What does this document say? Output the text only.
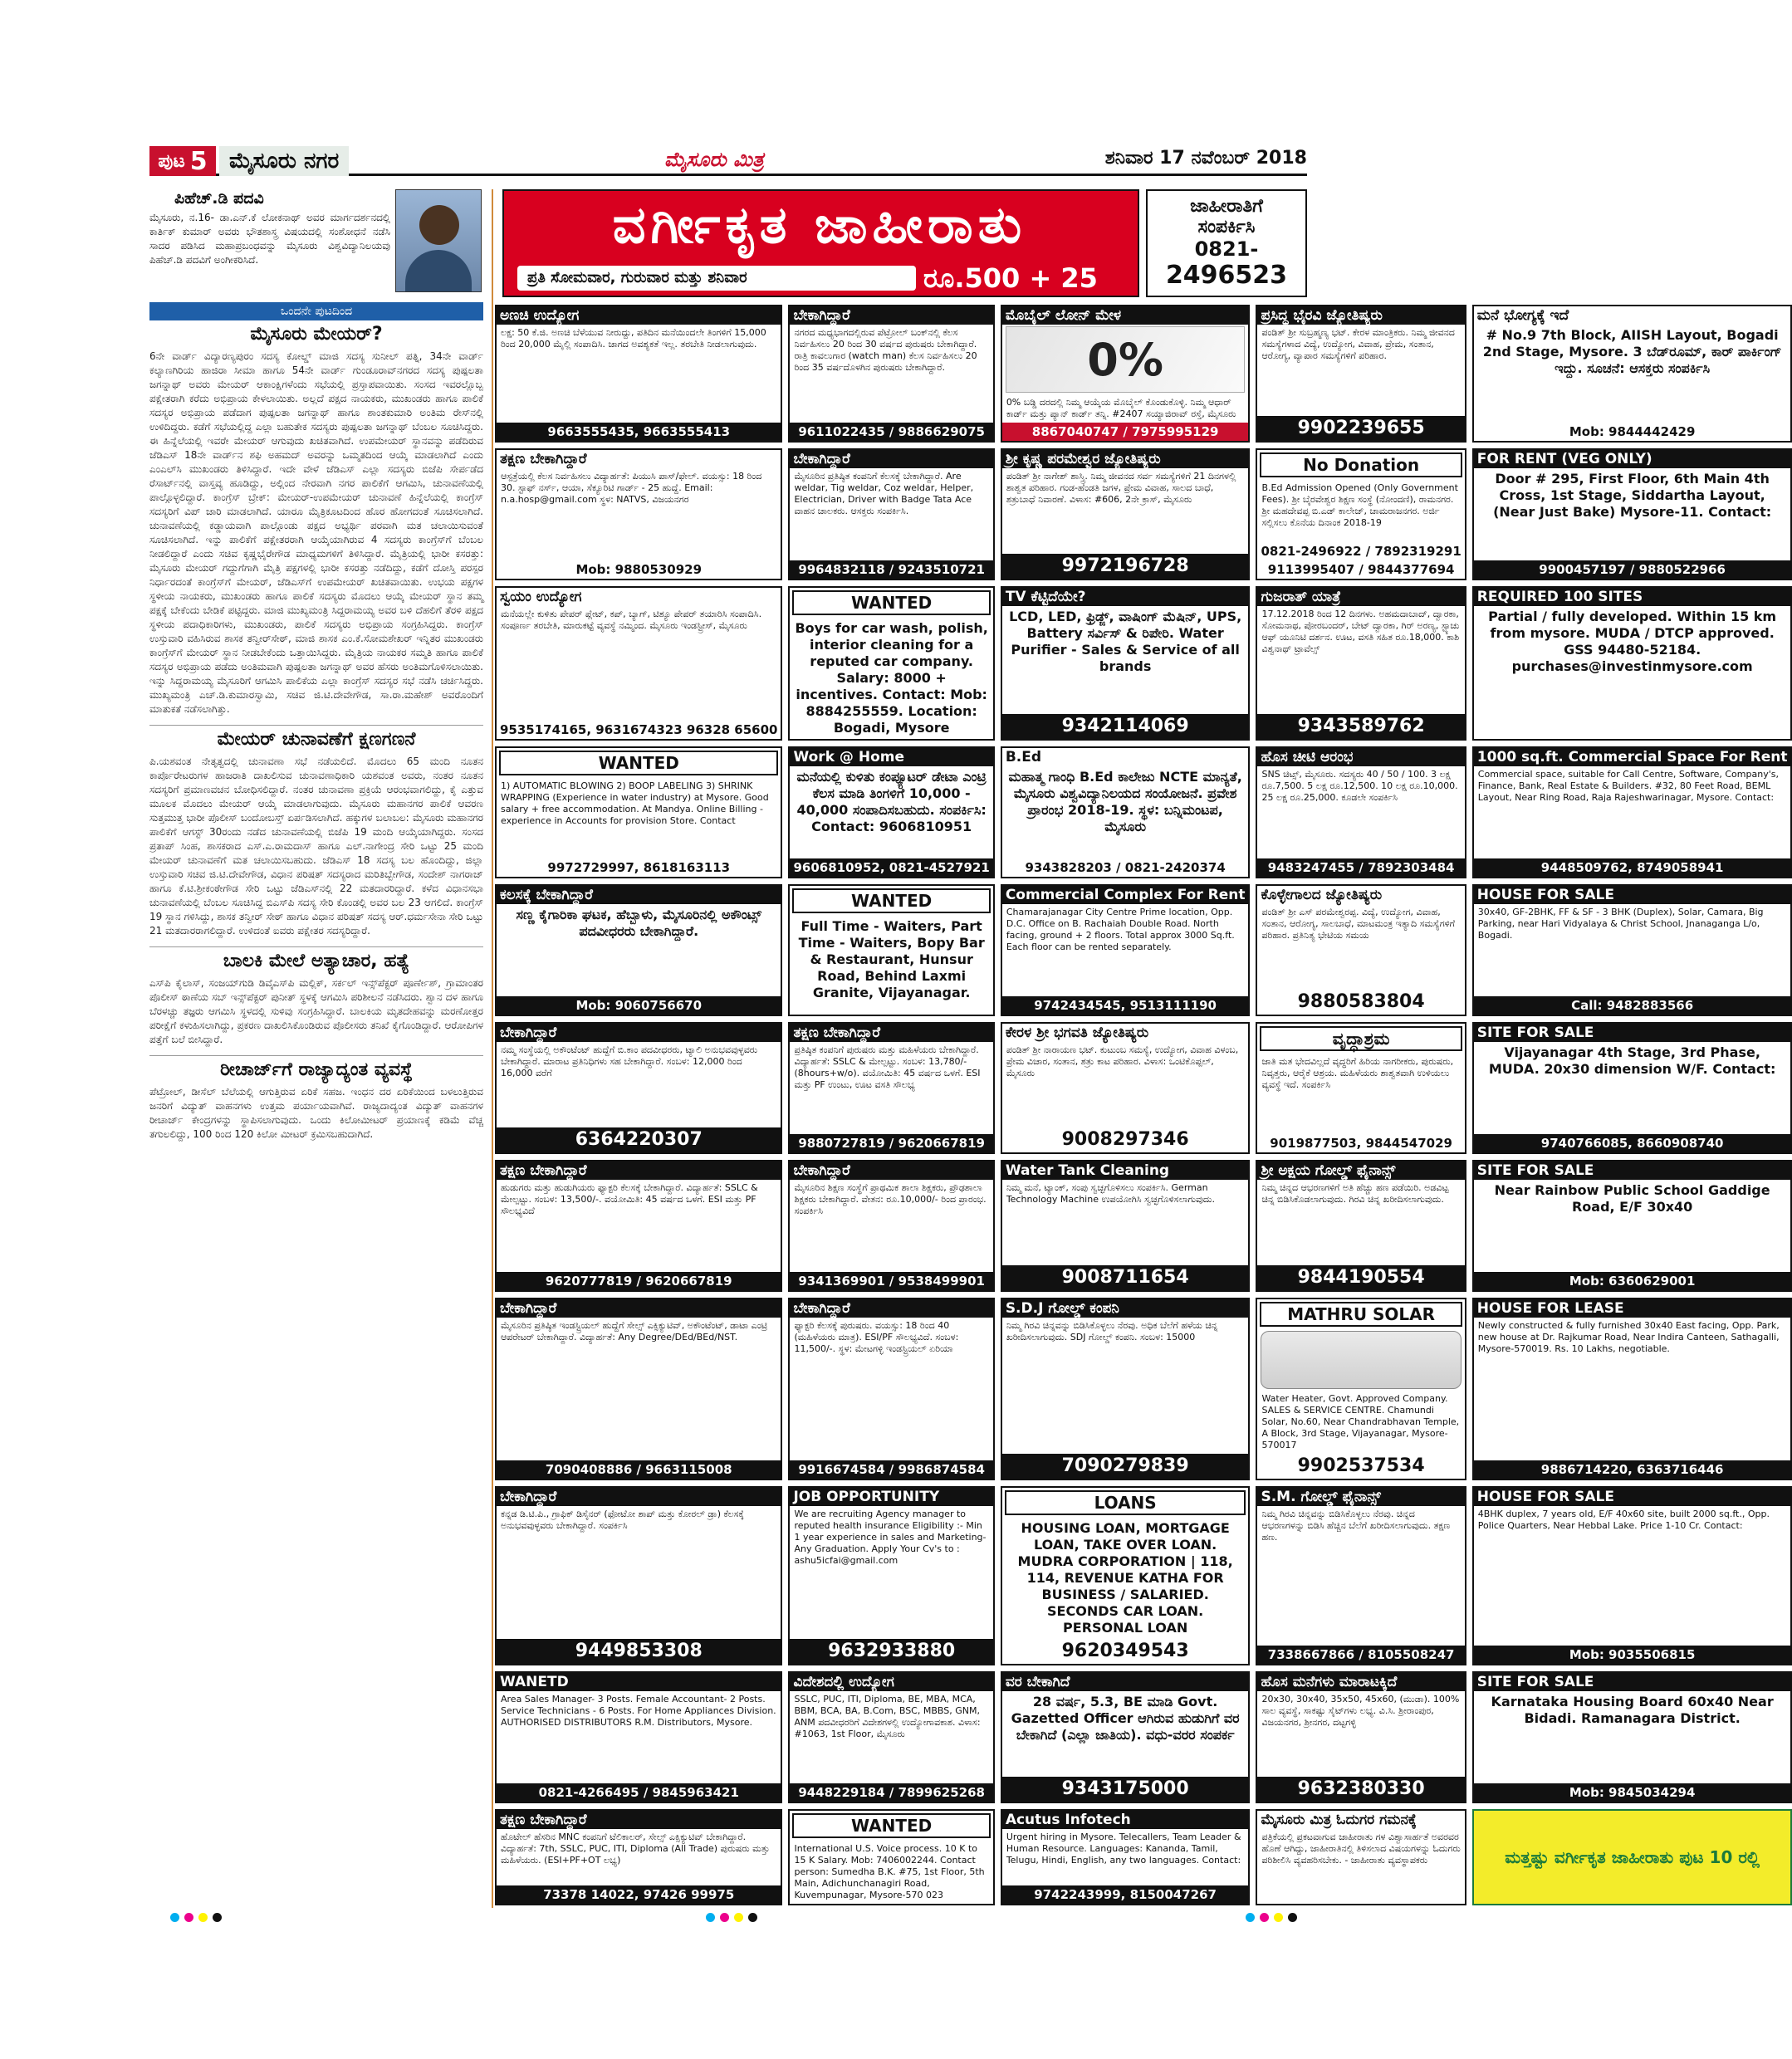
ಪುಟ 5	ಮೈಸೂರು ನಗರ	ಮೈಸೂರು ಮಿತ್ರ	ಶನಿವಾರ 17 ನವೆಂಬರ್ 2018
ಪಿಹೆಚ್.ಡಿ ಪದವಿ
ಮೈಸೂರು, ನ.16- ಡಾ.ಎನ್.ಕೆ ಲೋಕನಾಥ್ ಅವರ ಮಾರ್ಗದರ್ಶನದಲ್ಲಿ ಕಾರ್ತಿಕ್ ಕುಮಾರ್ ಅವರು ಭೌತಶಾಸ್ತ್ರ ವಿಷಯದಲ್ಲಿ ಸಂಶೋಧನೆ ನಡೆಸಿ ಸಾದರ ಪಡಿಸಿದ ಮಹಾಪ್ರಬಂಧವನ್ನು ಮೈಸೂರು ವಿಶ್ವವಿದ್ಯಾನಿಲಯವು ಪಿಹೆಚ್.ಡಿ ಪದವಿಗೆ ಅಂಗೀಕರಿಸಿದೆ.
ಒಂದನೇ ಪುಟದಿಂದ
ಮೈಸೂರು ಮೇಯರ್?
6ನೇ ವಾರ್ಡ್ ವಿದ್ಯಾರಣ್ಯಪುರಂ ಸದಸ್ಯ ಕೋಲ್ಡ್ ಮಾಜಿ ಸದಸ್ಯ ಸುನೀಲ್ ಪತ್ನಿ, 34ನೇ ವಾರ್ಡ್ ಕಲ್ಯಾಣಗಿರಿಯ ಹಾಜಿರಾ ಸೀಮಾ ಹಾಗೂ 54ನೇ ವಾರ್ಡ್ ಗುಂಡೂರಾವ್‌ನಗರದ ಸದಸ್ಯ ಪುಷ್ಪಲತಾ ಜಗನ್ನಾಥ್ ಅವರು ಮೇಯರ್ ಆಕಾಂಕ್ಷಿಗಳೆಂದು ಸಭೆಯಲ್ಲಿ ಪ್ರಸ್ತಾಪವಾಯಿತು. ಸಂಸದ ಇವರಲ್ಲೊಬ್ಬ ಪಕ್ಷೇತರಾಗಿ ಕರೆದು ಅಭಿಪ್ರಾಯ ಕೇಳಲಾಯಿತು. ಅಲ್ಲದೆ ಪಕ್ಷದ ನಾಯಕರು, ಮುಖಂಡರು ಹಾಗೂ ಪಾಲಿಕೆ ಸದಸ್ಯರ ಅಭಿಪ್ರಾಯ ಪಡೆದಾಗ ಪುಷ್ಪಲತಾ ಜಗನ್ನಾಥ್ ಹಾಗೂ ಶಾಂತಕುಮಾರಿ ಅಂತಿಮ ರೇಸ್‌ನಲ್ಲಿ ಉಳಿದಿದ್ದರು. ಕಡೆಗೆ ಸಭೆಯಲ್ಲಿದ್ದ ಎಲ್ಲಾ ಬಹುತೇಕ ಸದಸ್ಯರು ಪುಷ್ಪಲತಾ ಜಗನ್ನಾಥ್ ಬೆಂಬಲ ಸೂಚಿಸಿದ್ದರು. ಈ ಹಿನ್ನೆಲೆಯಲ್ಲಿ ಇವರೇ ಮೇಯರ್ ಆಗುವುದು ಖಚಿತವಾಗಿದೆ. ಉಪಮೇಯರ್ ಸ್ಥಾನವನ್ನು ಪಡೆದಿರುವ ಜೆಡಿಎಸ್ 18ನೇ ವಾರ್ಡ್‌ನ ಶಫಿ ಅಹಮದ್ ಅವರನ್ನು ಒಮ್ಮತದಿಂದ ಆಯ್ಕೆ ಮಾಡಲಾಗಿದೆ ಎಂದು ಎಂಎಲ್‌ಸಿ ಮುಖಂಡರು ತಿಳಿಸಿದ್ದಾರೆ. ಇದೇ ವೇಳೆ ಜೆಡಿಎಸ್ ಎಲ್ಲಾ ಸದಸ್ಯರು ಬಿಜೆಪಿ ಸೇರ್ಪಡೆದ ರೆಸಾರ್ಟ್‌ನಲ್ಲಿ ವಾಸ್ತವ್ಯ ಹೂಡಿದ್ದು, ಅಲ್ಲಿಂದ ನೇರವಾಗಿ ನಗರ ಪಾಲಿಕೆಗೆ ಆಗಮಿಸಿ, ಚುನಾವಣೆಯಲ್ಲಿ ಪಾಲ್ಗೊಳ್ಳಲಿದ್ದಾರೆ. ಕಾಂಗ್ರೆಸ್ ಬ್ರೇಕ್: ಮೇಯರ್-ಉಪಮೇಯರ್ ಚುನಾವಣೆ ಹಿನ್ನೆಲೆಯಲ್ಲಿ ಕಾಂಗ್ರೆಸ್ ಸದಸ್ಯರಿಗೆ ವಿಪ್ ಜಾರಿ ಮಾಡಲಾಗಿದೆ. ಯಾರೂ ಮೈತ್ರಿಕೂಟದಿಂದ ಹೊರ ಹೋಗದಂತೆ ಸೂಚಿಸಲಾಗಿದೆ. ಚುನಾವಣೆಯಲ್ಲಿ ಕಡ್ಡಾಯವಾಗಿ ಪಾಲ್ಗೊಂಡು ಪಕ್ಷದ ಅಭ್ಯರ್ಥಿ ಪರವಾಗಿ ಮತ ಚಲಾಯಿಸುವಂತೆ ಸೂಚಿಸಲಾಗಿದೆ. ಇನ್ನು ಪಾಲಿಕೆಗೆ ಪಕ್ಷೇತರರಾಗಿ ಆಯ್ಕೆಯಾಗಿರುವ 4 ಸದಸ್ಯರು ಕಾಂಗ್ರೆಸ್‌ಗೆ ಬೆಂಬಲ ನೀಡಲಿದ್ದಾರೆ ಎಂದು ಸಚಿವ ಕೃಷ್ಣಭೈರೇಗೌಡ ಮಾಧ್ಯಮಗಳಿಗೆ ತಿಳಿಸಿದ್ದಾರೆ. ಮೈತ್ರಿಯಲ್ಲಿ ಭಾರೀ ಕಸರತ್ತು: ಮೈಸೂರು ಮೇಯರ್ ಗದ್ದುಗೆಗಾಗಿ ಮೈತ್ರಿ ಪಕ್ಷಗಳಲ್ಲಿ ಭಾರೀ ಕಸರತ್ತು ನಡೆದಿದ್ದು, ಕಡೆಗೆ ದೋಸ್ತಿ ಪರಸ್ಪರ ನಿರ್ಧಾರದಂತೆ ಕಾಂಗ್ರೆಸ್‌ಗೆ ಮೇಯರ್, ಜೆಡಿಎಸ್‌ಗೆ ಉಪಮೇಯರ್ ಖಚಿತವಾಯಿತು. ಉಭಯ ಪಕ್ಷಗಳ ಸ್ಥಳೀಯ ನಾಯಕರು, ಮುಖಂಡರು ಹಾಗೂ ಪಾಲಿಕೆ ಸದಸ್ಯರು ಮೊದಲು ಆಯ್ಕೆ ಮೇಯರ್ ಸ್ಥಾನ ತಮ್ಮ ಪಕ್ಷಕ್ಕೆ ಬೇಕೆಂದು ಬೇಡಿಕೆ ಪಟ್ಟಿದ್ದರು. ಮಾಜಿ ಮುಖ್ಯಮಂತ್ರಿ ಸಿದ್ದರಾಮಯ್ಯ ಅವರ ಬಳಿ ದೆಹಲಿಗೆ ತೆರಳಿ ಪಕ್ಷದ ಸ್ಥಳೀಯ ಪದಾಧಿಕಾರಿಗಳು, ಮುಖಂಡರು, ಪಾಲಿಕೆ ಸದಸ್ಯರು ಅಭಿಪ್ರಾಯ ಸಂಗ್ರಹಿಸಿದ್ದರು. ಕಾಂಗ್ರೆಸ್ ಉಸ್ತುವಾರಿ ವಹಿಸಿರುವ ಶಾಸಕ ತನ್ವೀರ್‌ಸೇಠ್, ಮಾಜಿ ಶಾಸಕ ಎಂ.ಕೆ.ಸೋಮಶೇಖರ್ ಇನ್ನಿತರ ಮುಖಂಡರು ಕಾಂಗ್ರೆಸ್‌ಗೆ ಮೇಯರ್ ಸ್ಥಾನ ನೀಡಬೇಕೆಂದು ಒತ್ತಾಯಿಸಿದ್ದರು. ಮೈತ್ರಿಯ ನಾಯಕರ ಸಮ್ಮತಿ ಹಾಗೂ ಪಾಲಿಕೆ ಸದಸ್ಯರ ಅಭಿಪ್ರಾಯ ಪಡೆದು ಅಂತಿಮವಾಗಿ ಪುಷ್ಪಲತಾ ಜಗನ್ನಾಥ್ ಅವರ ಹೆಸರು ಅಂತಿಮಗೊಳಿಸಲಾಯಿತು. ಇನ್ನು ಸಿದ್ದರಾಮಯ್ಯ ಮೈಸೂರಿಗೆ ಆಗಮಿಸಿ ಪಾಲಿಕೆಯ ಎಲ್ಲಾ ಕಾಂಗ್ರೆಸ್ ಸದಸ್ಯರ ಸಭೆ ನಡೆಸಿ ಚರ್ಚಿಸಿದ್ದರು. ಮುಖ್ಯಮಂತ್ರಿ ಎಚ್.ಡಿ.ಕುಮಾರಸ್ವಾಮಿ, ಸಚಿವ ಜಿ.ಟಿ.ದೇವೇಗೌಡ, ಸಾ.ರಾ.ಮಹೇಶ್ ಅವರೊಂದಿಗೆ ಮಾತುಕತೆ ನಡೆಸಲಾಗಿತ್ತು.
ಮೇಯರ್ ಚುನಾವಣೆಗೆ ಕ್ಷಣಗಣನೆ
ಪಿ.ಯಶವಂತ ನೇತೃತ್ವದಲ್ಲಿ ಚುನಾವಣಾ ಸಭೆ ನಡೆಯಲಿದೆ. ಮೊದಲು 65 ಮಂದಿ ನೂತನ ಕಾರ್ಪೊರೇಟರುಗಳ ಹಾಜರಾತಿ ದಾಖಲಿಸುವ ಚುನಾವಣಾಧಿಕಾರಿ ಯಶವಂತ ಅವರು, ನಂತರ ನೂತನ ಸದಸ್ಯರಿಗೆ ಪ್ರಮಾಣವಚನ ಬೋಧಿಸಲಿದ್ದಾರೆ. ನಂತರ ಚುನಾವಣಾ ಪ್ರಕ್ರಿಯೆ ಆರಂಭವಾಗಲಿದ್ದು, ಕೈ ಎತ್ತುವ ಮೂಲಕ ಮೊದಲು ಮೇಯರ್ ಆಯ್ಕೆ ಮಾಡಲಾಗುವುದು. ಮೈಸೂರು ಮಹಾನಗರ ಪಾಲಿಕೆ ಆವರಣ ಸುತ್ತಮುತ್ತ ಭಾರೀ ಪೊಲೀಸ್ ಬಂದೋಬಸ್ತ್ ಏರ್ಪಡಿಸಲಾಗಿದೆ. ಹಕ್ಕುಗಳ ಬಲಾಬಲ: ಮೈಸೂರು ಮಹಾನಗರ ಪಾಲಿಕೆಗೆ ಆಗಸ್ಟ್ 30ರಂದು ನಡೆದ ಚುನಾವಣೆಯಲ್ಲಿ ಬಿಜೆಪಿ 19 ಮಂದಿ ಆಯ್ಕೆಯಾಗಿದ್ದರು. ಸಂಸದ ಪ್ರತಾಪ್ ಸಿಂಹ, ಶಾಸಕರಾದ ಎಸ್.ಎ.ರಾಮದಾಸ್ ಹಾಗೂ ಎಲ್.ನಾಗೇಂದ್ರ ಸೇರಿ ಒಟ್ಟು 25 ಮಂದಿ ಮೇಯರ್ ಚುನಾವಣೆಗೆ ಮತ ಚಲಾಯಿಸಬಹುದು. ಜೆಡಿಎಸ್ 18 ಸದಸ್ಯ ಬಲ ಹೊಂದಿದ್ದು, ಜಿಲ್ಲಾ ಉಸ್ತುವಾರಿ ಸಚಿವ ಜಿ.ಟಿ.ದೇವೇಗೌಡ, ವಿಧಾನ ಪರಿಷತ್ ಸದಸ್ಯರಾದ ಮರಿತಿಬ್ಬೇಗೌಡ, ಸಂದೇಶ್ ನಾಗರಾಜ್ ಹಾಗೂ ಕೆ.ಟಿ.ಶ್ರೀಕಂಠೇಗೌಡ ಸೇರಿ ಒಟ್ಟು ಜೆಡಿಎಸ್‌ನಲ್ಲಿ 22 ಮತದಾರರಿದ್ದಾರೆ. ಕಳೆದ ವಿಧಾನಸಭಾ ಚುನಾವಣೆಯಲ್ಲಿ ಬೆಂಬಲ ಸೂಚಿಸಿದ್ದ ಬಿಎಸ್‌ಪಿ ಸದಸ್ಯ ಸೇರಿ ಕೊಂಡಲ್ಲಿ ಅವರ ಬಲ 23 ಆಗಲಿದೆ. ಕಾಂಗ್ರೆಸ್ 19 ಸ್ಥಾನ ಗಳಿಸಿದ್ದು, ಶಾಸಕ ತನ್ವೀರ್ ಸೇಠ್ ಹಾಗೂ ವಿಧಾನ ಪರಿಷತ್ ಸದಸ್ಯ ಆರ್.ಧರ್ಮಸೇನಾ ಸೇರಿ ಒಟ್ಟು 21 ಮತದಾರರಾಗಲಿದ್ದಾರೆ. ಉಳಿದಂತೆ ಐವರು ಪಕ್ಷೇತರ ಸದಸ್ಯರಿದ್ದಾರೆ.
ಬಾಲಕಿ ಮೇಲೆ ಅತ್ಯಾಚಾರ, ಹತ್ಯೆ
ಎಸ್‌ಪಿ ಕೈಲಾಸ್, ಸಂಜಯ್‌ಗುಡಿ ಡಿವೈಎಸ್‌ಪಿ ಮಲ್ಲಿಕ್, ಸರ್ಕಲ್ ಇನ್ಸ್‌ಪೆಕ್ಟರ್ ಪೂರ್ಣೇಶ್, ಗ್ರಾಮಾಂತರ ಪೊಲೀಸ್ ಠಾಣೆಯ ಸಬ್ ಇನ್ಸ್‌ಪೆಕ್ಟರ್ ಪುನೀತ್ ಸ್ಥಳಕ್ಕೆ ಆಗಮಿಸಿ ಪರಿಶೀಲನೆ ನಡೆಸಿದರು. ಶ್ವಾನ ದಳ ಹಾಗೂ ಬೆರಳಚ್ಚು ತಜ್ಞರು ಆಗಮಿಸಿ ಸ್ಥಳದಲ್ಲಿ ಸುಳಿವು ಸಂಗ್ರಹಿಸಿದ್ದಾರೆ. ಬಾಲಕಿಯ ಮೃತದೇಹವನ್ನು ಮರಣೋತ್ತರ ಪರೀಕ್ಷೆಗೆ ಕಳುಹಿಸಲಾಗಿದ್ದು, ಪ್ರಕರಣ ದಾಖಲಿಸಿಕೊಂಡಿರುವ ಪೊಲೀಸರು ತನಿಖೆ ಕೈಗೊಂಡಿದ್ದಾರೆ. ಆರೋಪಿಗಳ ಪತ್ತೆಗೆ ಬಲೆ ಬೀಸಿದ್ದಾರೆ.
ರೀಚಾರ್ಜ್‌ಗೆ ರಾಜ್ಯಾದ್ಯಂತ ವ್ಯವಸ್ಥೆ
ಪೆಟ್ರೋಲ್, ಡೀಸೆಲ್ ಬೆಲೆಯಲ್ಲಿ ಆಗುತ್ತಿರುವ ಏರಿಕೆ ಸಹಜ. ಇಂಧನ ದರ ಏರಿಕೆಯಿಂದ ಬಳಲುತ್ತಿರುವ ಜನರಿಗೆ ವಿದ್ಯುತ್ ವಾಹನಗಳು ಉತ್ತಮ ಪರ್ಯಾಯವಾಗಿವೆ. ರಾಜ್ಯದಾದ್ಯಂತ ವಿದ್ಯುತ್ ವಾಹನಗಳ ರೀಚಾರ್ಜ್ ಕೇಂದ್ರಗಳನ್ನು ಸ್ಥಾಪಿಸಲಾಗುವುದು. ಒಂದು ಕಿಲೋಮೀಟರ್ ಪ್ರಯಾಣಕ್ಕೆ ಕಡಿಮೆ ವೆಚ್ಚ ತಗುಲಲಿದ್ದು, 100 ರಿಂದ 120 ಕಿಲೋ ಮೀಟರ್ ಕ್ರಮಿಸಬಹುದಾಗಿದೆ.
ವರ್ಗೀಕೃತ ಜಾಹೀರಾತು
ಪ್ರತಿ ಸೋಮವಾರ, ಗುರುವಾರ ಮತ್ತು ಶನಿವಾರ	ರೂ.500 + 25
ಜಾಹೀರಾತಿಗೆ
ಸಂಪರ್ಕಿಸಿ
0821-
2496523
ಅಣಚಿ ಉದ್ಯೋಗ
ಲಕ್ಷ: 50 ಕೆ.ಜಿ. ಅಣಚಿ ಬೆಳೆಯುವ ನೀರುದ್ದು, ಪತಿದಿನ ಮನೆಯಿಂದಲೇ ತಿಂಗಳಿಗೆ 15,000 ರಿಂದ 20,000 ಮೈಲ್ಲಿ ಸಂಪಾದಿಸಿ. ಜಾಗದ ಅವಶ್ಯಕತೆ ಇಲ್ಲ. ತರಬೇತಿ ನೀಡಲಾಗುವುದು.
9663555435, 9663555413
ಬೇಕಾಗಿದ್ದಾರೆ
ನಗರದ ಮಧ್ಯಭಾಗದಲ್ಲಿರುವ ಪೆಟ್ರೋಲ್ ಬಂಕ್‌ನಲ್ಲಿ ಕೆಲಸ ನಿರ್ವಹಿಸಲು 20 ರಿಂದ 30 ವರ್ಷದ ಪುರುಷರು ಬೇಕಾಗಿದ್ದಾರೆ. ರಾತ್ರಿ ಕಾವಲುಗಾರ (watch man) ಕೆಲಸ ನಿರ್ವಹಿಸಲು 20 ರಿಂದ 35 ವರ್ಷದೊಳಗಿನ ಪುರುಷರು ಬೇಕಾಗಿದ್ದಾರೆ.
9611022435 / 9886629075
ಮೊಬೈಲ್ ಲೋನ್ ಮೇಳ
0%
0% ಬಡ್ಡಿ ದರದಲ್ಲಿ ನಿಮ್ಮ ಆಯ್ಕೆಯ ಮೊಬೈಲ್ ಕೊಂಡುಕೊಳ್ಳಿ. ನಿಮ್ಮ ಆಧಾರ್ ಕಾರ್ಡ್ ಮತ್ತು ಪ್ಯಾನ್ ಕಾರ್ಡ್ ತನ್ನಿ. #2407 ಸಯ್ಯಾಜಿರಾವ್ ರಸ್ತೆ, ಮೈಸೂರು
8867040747 / 7975995129
ಪ್ರಸಿದ್ಧ ಭೈರವಿ ಜ್ಯೋತಿಷ್ಯರು
ಪಂಡಿತ್ ಶ್ರೀ ಸುಬ್ರಹ್ಮಣ್ಯ ಭಟ್. ಕೇರಳ ಮಾಂತ್ರಿಕರು. ನಿಮ್ಮ ಜೀವನದ ಸಮಸ್ಯೆಗಳಾದ ವಿದ್ಯೆ, ಉದ್ಯೋಗ, ವಿವಾಹ, ಪ್ರೇಮ, ಸಂತಾನ, ಆರೋಗ್ಯ, ವ್ಯಾಪಾರ ಸಮಸ್ಯೆಗಳಿಗೆ ಪರಿಹಾರ.
9902239655
ಮನೆ ಭೋಗ್ಯಕ್ಕೆ ಇದೆ
# No.9 7th Block, AIISH Layout, Bogadi 2nd Stage, Mysore. 3 ಬೆಡ್‌ರೂಮ್, ಕಾರ್ ಪಾರ್ಕಿಂಗ್ ಇದ್ದು. ಸೂಚನೆ: ಆಸಕ್ತರು ಸಂಪರ್ಕಿಸಿ
Mob: 9844442429
ತಕ್ಷಣ ಬೇಕಾಗಿದ್ದಾರೆ
ಆಸ್ಪತ್ರೆಯಲ್ಲಿ ಕೆಲಸ ನಿರ್ವಹಿಸಲು ವಿದ್ಯಾರ್ಹತೆ: ಪಿಯುಸಿ ಪಾಸ್/ಫೇಲ್. ವಯಸ್ಸು: 18 ರಿಂದ 30. ಸ್ಟಾಫ್ ನರ್ಸ್, ಆಯಾ, ಸೆಕ್ಯೂರಿಟಿ ಗಾರ್ಡ್ - 25 ಹುದ್ದೆ. Email: n.a.hosp@gmail.com ಸ್ಥಳ: NATVS, ವಿಜಯನಗರ
Mob: 9880530929
ಬೇಕಾಗಿದ್ದಾರೆ
ಮೈಸೂರಿನ ಪ್ರತಿಷ್ಠಿತ ಕಂಪನಿಗೆ ಕೆಲಸಕ್ಕೆ ಬೇಕಾಗಿದ್ದಾರೆ. Are weldar, Tig weldar, Coz weldar, Helper, Electrician, Driver with Badge Tata Ace ವಾಹನ ಚಾಲಕರು. ಆಸಕ್ತರು ಸಂಪರ್ಕಿಸಿ.
9964832118 / 9243510721
ಶ್ರೀ ಕೃಷ್ಣ ಪರಮೇಶ್ವರ ಜ್ಯೋತಿಷ್ಯರು
ಪಂಡಿತ್ ಶ್ರೀ ನಾಗೇಶ್ ಶಾಸ್ತ್ರಿ. ನಿಮ್ಮ ಜೀವನದ ಸರ್ವ ಸಮಸ್ಯೆಗಳಿಗೆ 21 ದಿನಗಳಲ್ಲಿ ಶಾಶ್ವತ ಪರಿಹಾರ. ಗಂಡ-ಹೆಂಡತಿ ಜಗಳ, ಪ್ರೇಮ ವಿವಾಹ, ಸಾಲದ ಬಾಧೆ, ಶತ್ರುಬಾಧೆ ನಿವಾರಣೆ. ವಿಳಾಸ: #606, 2ನೇ ಕ್ರಾಸ್, ಮೈಸೂರು
9972196728
No Donation
B.Ed Admission Opened (Only Government Fees). ಶ್ರೀ ಬೈರವೇಶ್ವರ ಶಿಕ್ಷಣ ಸಂಸ್ಥೆ (ನೋಂದಣಿ), ರಾಮನಗರ. ಶ್ರೀ ಮಹದೇವಪ್ಪ ಬಿ.ಎಡ್ ಕಾಲೇಜ್, ಚಾಮರಾಜನಗರ. ಅರ್ಜಿ ಸಲ್ಲಿಸಲು ಕೊನೆಯ ದಿನಾಂಕ 2018-19
0821-2496922 / 7892319291
9113995407 / 9844377694
FOR RENT (VEG ONLY)
Door # 295, First Floor, 6th Main 4th Cross, 1st Stage, Siddartha Layout, (Near Just Bake) Mysore-11. Contact:
9900457197 / 9880522966
ಸ್ವಯಂ ಉದ್ಯೋಗ
ಮನೆಯಲ್ಲೇ ಕುಳಿತು ಪೇಪರ್ ಪ್ಲೇಟ್, ಕಪ್, ಬ್ಯಾಗ್, ಟಿಶ್ಯೂ ಪೇಪರ್ ತಯಾರಿಸಿ ಸಂಪಾದಿಸಿ. ಸಂಪೂರ್ಣ ತರಬೇತಿ, ಮಾರುಕಟ್ಟೆ ವ್ಯವಸ್ಥೆ ನಮ್ಮಿಂದ. ಮೈಸೂರು ಇಂಡಸ್ಟ್ರೀಸ್, ಮೈಸೂರು
9535174165, 9631674323 96328 65600
WANTED
Boys for car wash, polish, interior cleaning for a reputed car company. Salary: 8000 + incentives. Contact: Mob: 8884255559. Location: Bogadi, Mysore
TV ಕೆಟ್ಟಿದೆಯೇ?
LCD, LED, ಫ್ರಿಡ್ಜ್, ವಾಷಿಂಗ್ ಮೆಷಿನ್, UPS, Battery ಸರ್ವಿಸ್ & ರಿಪೇರಿ. Water Purifier - Sales & Service of all brands
9342114069
ಗುಜರಾತ್ ಯಾತ್ರೆ
17.12.2018 ರಿಂದ 12 ದಿನಗಳು. ಅಹಮದಾಬಾದ್, ದ್ವಾರಕಾ, ಸೋಮನಾಥ, ಪೋರಬಂದರ್, ಬೇಟ್ ದ್ವಾರಕಾ, ಗಿರ್ ಅರಣ್ಯ, ಸ್ಟ್ಯಾಚು ಆಫ್ ಯೂನಿಟಿ ದರ್ಶನ. ಊಟ, ವಸತಿ ಸಹಿತ ರೂ.18,000. ಕಾಶಿ ವಿಶ್ವನಾಥ್ ಟ್ರಾವೆಲ್ಸ್
9343589762
REQUIRED 100 SITES
Partial / fully developed. Within 15 km from mysore. MUDA / DTCP approved. GSS 94480-52184. purchases@investinmysore.com
WANTED
1) AUTOMATIC BLOWING 2) BOOP LABELING 3) SHRINK WRAPPING (Experience in water industry) at Mysore. Good salary + free accommodation. At Mandya. Online Billing - experience in Accounts for provision Store. Contact
9972729997, 8618163113
Work @ Home
ಮನೆಯಲ್ಲಿ ಕುಳಿತು ಕಂಪ್ಯೂಟರ್ ಡೇಟಾ ಎಂಟ್ರಿ ಕೆಲಸ ಮಾಡಿ ತಿಂಗಳಿಗೆ 10,000 - 40,000 ಸಂಪಾದಿಸಬಹುದು. ಸಂಪರ್ಕಿಸಿ: Contact: 9606810951
9606810952, 0821-4527921
B.Ed
ಮಹಾತ್ಮ ಗಾಂಧಿ B.Ed ಕಾಲೇಜು NCTE ಮಾನ್ಯತೆ, ಮೈಸೂರು ವಿಶ್ವವಿದ್ಯಾನಿಲಯದ ಸಂಯೋಜನೆ. ಪ್ರವೇಶ ಪ್ರಾರಂಭ 2018-19. ಸ್ಥಳ: ಬನ್ನಿಮಂಟಪ, ಮೈಸೂರು
9343828203 / 0821-2420374
ಹೊಸ ಚೀಟಿ ಆರಂಭ
SNS ಚಿಟ್ಸ್, ಮೈಸೂರು. ಸದಸ್ಯರು 40 / 50 / 100. 3 ಲಕ್ಷ ರೂ.7,500. 5 ಲಕ್ಷ ರೂ.12,500. 10 ಲಕ್ಷ ರೂ.10,000. 25 ಲಕ್ಷ ರೂ.25,000. ಕೂಡಲೇ ಸಂಪರ್ಕಿಸಿ
9483247455 / 7892303484
1000 sq.ft. Commercial Space For Rent
Commercial space, suitable for Call Centre, Software, Company's, Finance, Bank, Real Estate & Builders. #32, 80 Feet Road, BEML Layout, Near Ring Road, Raja Rajeshwarinagar, Mysore. Contact:
9448509762, 8749058941
ಕಲಸಕ್ಕೆ ಬೇಕಾಗಿದ್ದಾರೆ
ಸಣ್ಣ ಕೈಗಾರಿಕಾ ಘಟಕ, ಹೆಬ್ಬಾಳು, ಮೈಸೂರಿನಲ್ಲಿ ಅಕೌಂಟ್ಸ್ ಪದವೀಧರರು ಬೇಕಾಗಿದ್ದಾರೆ.
Mob: 9060756670
WANTED
Full Time - Waiters, Part Time - Waiters, Bopy Bar & Restaurant, Hunsur Road, Behind Laxmi Granite, Vijayanagar.
Commercial Complex For Rent
Chamarajanagar City Centre Prime location, Opp. D.C. Office on B. Rachaiah Double Road. North facing, ground + 2 floors. Total approx 3000 Sq.ft. Each floor can be rented separately.
9742434545, 9513111190
ಕೊಳ್ಳೇಗಾಲದ ಜ್ಯೋತಿಷ್ಯರು
ಪಂಡಿತ್ ಶ್ರೀ ಎಸ್ ಪರಮೇಶ್ವರಪ್ಪ. ವಿದ್ಯೆ, ಉದ್ಯೋಗ, ವಿವಾಹ, ಸಂತಾನ, ಆರೋಗ್ಯ, ಸಾಲಬಾಧೆ, ಮಾಟಮಂತ್ರ ಇತ್ಯಾದಿ ಸಮಸ್ಯೆಗಳಿಗೆ ಪರಿಹಾರ. ಪ್ರತಿನಿತ್ಯ ಭೇಟಿಯ ಸಮಯ
9880583804
HOUSE FOR SALE
30x40, GF-2BHK, FF & SF - 3 BHK (Duplex), Solar, Camara, Big Parking, near Hari Vidyalaya & Christ School, Jnanaganga L/o, Bogadi.
Call: 9482883566
ಬೇಕಾಗಿದ್ದಾರೆ
ನಮ್ಮ ಸಂಸ್ಥೆಯಲ್ಲಿ ಅಕೌಂಟೆಂಟ್ ಹುದ್ದೆಗೆ ಬಿ.ಕಾಂ ಪದವೀಧರರು, ಟ್ಯಾಲಿ ಅನುಭವವುಳ್ಳವರು ಬೇಕಾಗಿದ್ದಾರೆ. ಮಾರಾಟ ಪ್ರತಿನಿಧಿಗಳು ಸಹ ಬೇಕಾಗಿದ್ದಾರೆ. ಸಂಬಳ: 12,000 ರಿಂದ 16,000 ವರೆಗೆ
6364220307
ತಕ್ಷಣ ಬೇಕಾಗಿದ್ದಾರೆ
ಪ್ರತಿಷ್ಠಿತ ಕಂಪನಿಗೆ ಪುರುಷರು ಮತ್ತು ಮಹಿಳೆಯರು ಬೇಕಾಗಿದ್ದಾರೆ. ವಿದ್ಯಾರ್ಹತೆ: SSLC & ಮೇಲ್ಪಟ್ಟು. ಸಂಬಳ: 13,780/- (8hours+w/o). ವಯೋಮಿತಿ: 45 ವರ್ಷದ ಒಳಗೆ. ESI ಮತ್ತು PF ಉಂಟು, ಊಟ ವಸತಿ ಸೌಲಭ್ಯ
9880727819 / 9620667819
ಕೇರಳ ಶ್ರೀ ಭಗವತಿ ಜ್ಯೋತಿಷ್ಯರು
ಪಂಡಿತ್ ಶ್ರೀ ನಾರಾಯಣ ಭಟ್. ಕುಟುಂಬ ಸಮಸ್ಯೆ, ಉದ್ಯೋಗ, ವಿವಾಹ ವಿಳಂಬ, ಪ್ರೇಮ ವಿಚಾರ, ಸಂತಾನ, ಶತ್ರು ಕಾಟ ಪರಿಹಾರ. ವಿಳಾಸ: ಒಂಟಿಕೊಪ್ಪಲ್, ಮೈಸೂರು
9008297346
ವೃದ್ಧಾಶ್ರಮ
ಜಾತಿ ಮತ ಭೇದವಿಲ್ಲದೆ ವೃದ್ಧರಿಗೆ ಹಿರಿಯ ನಾಗರೀಕರು, ಪುರುಷರು, ನಿವೃತ್ತರು, ಆರೈಕೆ ಆಶ್ರಯ. ಮಹಿಳೆಯರು ಶಾಶ್ವತವಾಗಿ ಉಳಿಯಲು ವ್ಯವಸ್ಥೆ ಇದೆ. ಸಂಪರ್ಕಿಸಿ
9019877503, 9844547029
SITE FOR SALE
Vijayanagar 4th Stage, 3rd Phase, MUDA. 20x30 dimension W/F. Contact:
9740766085, 8660908740
ತಕ್ಷಣ ಬೇಕಾಗಿದ್ದಾರೆ
ಹುಡುಗರು ಮತ್ತು ಹುಡುಗಿಯರು ಫ್ಯಾಕ್ಟರಿ ಕೆಲಸಕ್ಕೆ ಬೇಕಾಗಿದ್ದಾರೆ. ವಿದ್ಯಾರ್ಹತೆ: SSLC & ಮೇಲ್ಪಟ್ಟು. ಸಂಬಳ: 13,500/-. ವಯೋಮಿತಿ: 45 ವರ್ಷದ ಒಳಗೆ. ESI ಮತ್ತು PF ಸೌಲಭ್ಯವಿದೆ
9620777819 / 9620667819
ಬೇಕಾಗಿದ್ದಾರೆ
ಮೈಸೂರಿನ ಶಿಕ್ಷಣ ಸಂಸ್ಥೆಗೆ ಪ್ರಾಥಮಿಕ ಶಾಲಾ ಶಿಕ್ಷಕರು, ಪ್ರೌಢಶಾಲಾ ಶಿಕ್ಷಕರು ಬೇಕಾಗಿದ್ದಾರೆ. ವೇತನ: ರೂ.10,000/- ರಿಂದ ಪ್ರಾರಂಭ. ಸಂಪರ್ಕಿಸಿ
9341369901 / 9538499901
Water Tank Cleaning
ನಿಮ್ಮ ಮನೆ, ಟ್ಯಾಂಕ್, ಸಂಪು ಸ್ವಚ್ಛಗೊಳಿಸಲು ಸಂಪರ್ಕಿಸಿ. German Technology Machine ಉಪಯೋಗಿಸಿ ಸ್ವಚ್ಛಗೊಳಿಸಲಾಗುವುದು.
9008711654
ಶ್ರೀ ಅಕ್ಷಯ ಗೋಲ್ಡ್ ಫೈನಾನ್ಸ್
ನಿಮ್ಮ ಚಿನ್ನದ ಆಭರಣಗಳಿಗೆ ಅತಿ ಹೆಚ್ಚು ಹಣ ಪಡೆಯಿರಿ. ಅಡವಿಟ್ಟ ಚಿನ್ನ ಬಿಡಿಸಿಕೊಡಲಾಗುವುದು. ಗಿರವಿ ಚಿನ್ನ ಖರೀದಿಸಲಾಗುವುದು.
9844190554
SITE FOR SALE
Near Rainbow Public School Gaddige Road, E/F 30x40
Mob: 6360629001
ಬೇಕಾಗಿದ್ದಾರೆ
ಮೈಸೂರಿನ ಪ್ರತಿಷ್ಠಿತ ಇಂಡಸ್ಟ್ರಿಯಲ್ ಹುದ್ದೆಗೆ ಸೇಲ್ಸ್ ಎಕ್ಸಿಕ್ಯುಟಿವ್, ಅಕೌಂಟೆಂಟ್, ಡಾಟಾ ಎಂಟ್ರಿ ಆಪರೇಟರ್ ಬೇಕಾಗಿದ್ದಾರೆ. ವಿದ್ಯಾರ್ಹತೆ: Any Degree/DEd/BEd/NST.
7090408886 / 9663115008
ಬೇಕಾಗಿದ್ದಾರೆ
ಫ್ಯಾಕ್ಟರಿ ಕೆಲಸಕ್ಕೆ ಪುರುಷರು. ವಯಸ್ಸು: 18 ರಿಂದ 40 (ಮಹಿಳೆಯರು ಮಾತ್ರ). ESI/PF ಸೌಲಭ್ಯವಿದೆ. ಸಂಬಳ: 11,500/-. ಸ್ಥಳ: ಮೇಟಗಳ್ಳಿ ಇಂಡಸ್ಟ್ರಿಯಲ್ ಏರಿಯಾ
9916674584 / 9986874584
S.D.J ಗೋಲ್ಡ್ ಕಂಪನಿ
ನಿಮ್ಮ ಗಿರವಿ ಚಿನ್ನವನ್ನು ಬಿಡಿಸಿಕೊಳ್ಳಲು ನೆರವು. ಅಧಿಕ ಬೆಲೆಗೆ ಹಳೆಯ ಚಿನ್ನ ಖರೀದಿಸಲಾಗುವುದು. SDJ ಗೋಲ್ಡ್ ಕಂಪನಿ. ಸಂಬಳ: 15000
7090279839
MATHRU SOLAR
Water Heater, Govt. Approved Company. SALES & SERVICE CENTRE. Chamundi Solar, No.60, Near Chandrabhavan Temple, A Block, 3rd Stage, Vijayanagar, Mysore-570017
9902537534
HOUSE FOR LEASE
Newly constructed & fully furnished 30x40 East facing, Opp. Park, new house at Dr. Rajkumar Road, Near Indira Canteen, Sathagalli, Mysore-570019. Rs. 10 Lakhs, negotiable.
9886714220, 6363716446
ಬೇಕಾಗಿದ್ದಾರೆ
ಕನ್ನಡ ಡಿ.ಟಿ.ಪಿ., ಗ್ರಾಫಿಕ್ ಡಿಸೈನರ್ (ಫೋಟೋ ಶಾಪ್ ಮತ್ತು ಕೋರಲ್ ಡ್ರಾ) ಕೆಲಸಕ್ಕೆ ಅನುಭವವುಳ್ಳವರು ಬೇಕಾಗಿದ್ದಾರೆ. ಸಂಪರ್ಕಿಸಿ
9449853308
JOB OPPORTUNITY
We are recruiting Agency manager to reputed health insurance Eligibility :- Min 1 year experience in sales and Marketing-Any Graduation. Apply Your Cv's to : ashu5icfai@gmail.com
9632933880
LOANS
HOUSING LOAN, MORTGAGE LOAN, TAKE OVER LOAN. MUDRA CORPORATION | 118, 114, REVENUE KATHA FOR BUSINESS / SALARIED. SECONDS CAR LOAN. PERSONAL LOAN
9620349543
S.M. ಗೋಲ್ಡ್ ಫೈನಾನ್ಸ್
ನಿಮ್ಮ ಗಿರವಿ ಚಿನ್ನವನ್ನು ಬಿಡಿಸಿಕೊಳ್ಳಲು ನೆರವು. ಚಿನ್ನದ ಆಭರಣಗಳನ್ನು ಬಿಡಿಸಿ ಹೆಚ್ಚಿನ ಬೆಲೆಗೆ ಖರೀದಿಸಲಾಗುವುದು. ತಕ್ಷಣ ಹಣ.
7338667866 / 8105508247
HOUSE FOR SALE
4BHK duplex, 7 years old, E/F 40x60 site, built 2000 sq.ft., Opp. Police Quarters, Near Hebbal Lake. Price 1-10 Cr. Contact:
Mob: 9035506815
WANETD
Area Sales Manager- 3 Posts. Female Accountant- 2 Posts. Service Technicians - 6 Posts. For Home Appliances Division. AUTHORISED DISTRIBUTORS R.M. Distributors, Mysore.
0821-4266495 / 9845963421
ವಿದೇಶದಲ್ಲಿ ಉದ್ಯೋಗ
SSLC, PUC, ITI, Diploma, BE, MBA, MCA, BBM, BCA, BA, B.Com, BSC, MBBS, GNM, ANM ಪದವೀಧರರಿಗೆ ವಿದೇಶಗಳಲ್ಲಿ ಉದ್ಯೋಗಾವಕಾಶ. ವಿಳಾಸ: #1063, 1st Floor, ಮೈಸೂರು
9448229184 / 7899625268
ವರ ಬೇಕಾಗಿದೆ
28 ವರ್ಷ, 5.3, BE ಮಾಡಿ Govt. Gazetted Officer ಆಗಿರುವ ಹುಡುಗಿಗೆ ವರ ಬೇಕಾಗಿದೆ (ಎಲ್ಲಾ ಜಾತಿಯ). ವಧು-ವರರ ಸಂಪರ್ಕ
9343175000
ಹೊಸ ಮನೆಗಳು ಮಾರಾಟಕ್ಕಿದೆ
20x30, 30x40, 35x50, 45x60, (ಮುಡಾ). 100% ಸಾಲ ವ್ಯವಸ್ಥೆ, ಸಾಕಷ್ಟು ಸೈಟ್‌ಗಳು ಲಭ್ಯ. ವಿ.ಸಿ. ಶ್ರೀರಾಂಪುರ, ವಿಜಯನಗರ, ಶ್ರೀನಗರ, ದಟ್ಟಗಳ್ಳಿ
9632380330
SITE FOR SALE
Karnataka Housing Board 60x40 Near Bidadi. Ramanagara District.
Mob: 9845034294
ತಕ್ಷಣ ಬೇಕಾಗಿದ್ದಾರೆ
ಹೊಟೇಲ್ ಹೆಸರಿನ MNC ಕಂಪನಿಗೆ ಟೆಲಿಕಾಲರ್, ಸೇಲ್ಸ್ ಎಕ್ಸಿಕ್ಯುಟಿವ್ ಬೇಕಾಗಿದ್ದಾರೆ. ವಿದ್ಯಾರ್ಹತೆ: 7th, SSLC, PUC, ITI, Diploma (All Trade) ಪುರುಷರು ಮತ್ತು ಮಹಿಳೆಯರು. (ESI+PF+OT ಲಭ್ಯ)
73378 14022, 97426 99975
WANTED
International U.S. Voice process. 10 K to 15 K Salary. Mob: 7406002244. Contact person: Sumedha B.K. #75, 1st Floor, 5th Main, Adichunchanagiri Road, Kuvempunagar, Mysore-570 023
Acutus Infotech
Urgent hiring in Mysore. Telecallers, Team Leader & Human Resource. Languages: Kananda, Tamil, Telugu, Hindi, English, any two languages. Contact:
9742243999, 8150047267
ಮೈಸೂರು ಮಿತ್ರ ಓದುಗರ ಗಮನಕ್ಕೆ
ಪತ್ರಿಕೆಯಲ್ಲಿ ಪ್ರಕಟವಾಗುವ ಜಾಹೀರಾತು ಗಳ ವಿಶ್ವಾಸಾರ್ಹತೆ ಅವರವರ ಹೊಣೆ ಆಗಿದ್ದು, ಜಾಹೀರಾತಿನಲ್ಲಿ ತಿಳಿಸಲಾದ ವಿಷಯಗಳನ್ನು ಓದುಗರು ಪರಿಶೀಲಿಸಿ ವ್ಯವಹರಿಸಬೇಕು. - ಜಾಹೀರಾತು ವ್ಯವಸ್ಥಾಪಕರು	ಮತ್ತಷ್ಟು ವರ್ಗೀಕೃತ ಜಾಹೀರಾತು ಪುಟ 10 ರಲ್ಲಿ
